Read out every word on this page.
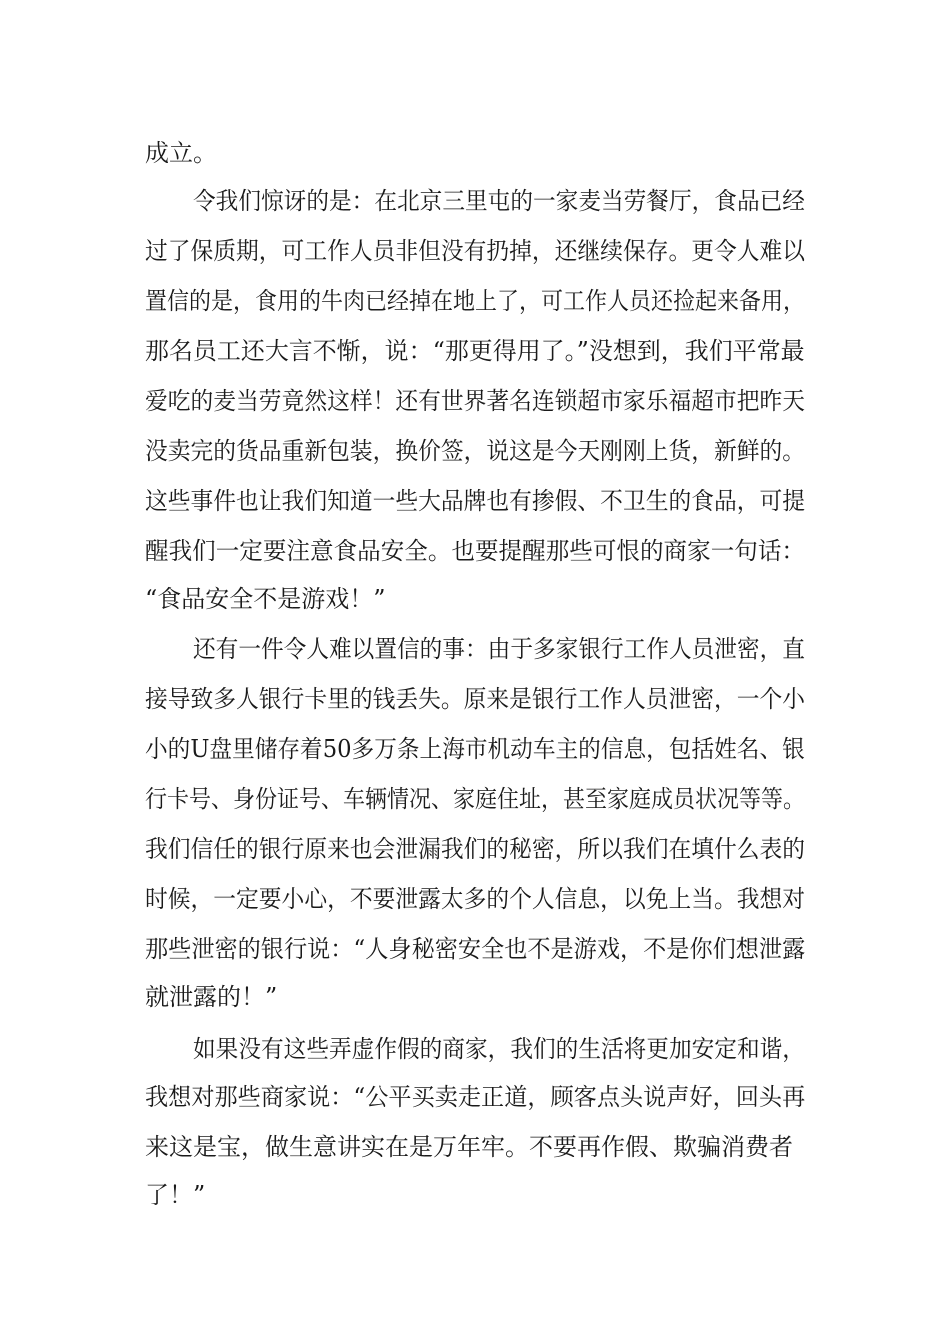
成立。
令我们惊讶的是：在北京三里屯的一家麦当劳餐厅，食品已经
过了保质期，可工作人员非但没有扔掉，还继续保存。更令人难以
置信的是，食用的牛肉已经掉在地上了，可工作人员还捡起来备用，
那名员工还大言不惭，说：“那更得用了。”没想到，我们平常最
爱吃的麦当劳竟然这样！还有世界著名连锁超市家乐福超市把昨天
没卖完的货品重新包装，换价签，说这是今天刚刚上货，新鲜的。
这些事件也让我们知道一些大品牌也有掺假、不卫生的食品，可提
醒我们一定要注意食品安全。也要提醒那些可恨的商家一句话：
“食品安全不是游戏！”
还有一件令人难以置信的事：由于多家银行工作人员泄密，直
接导致多人银行卡里的钱丢失。原来是银行工作人员泄密，一个小
小的U盘里储存着50多万条上海市机动车主的信息，包括姓名、银
行卡号、身份证号、车辆情况、家庭住址，甚至家庭成员状况等等。
我们信任的银行原来也会泄漏我们的秘密，所以我们在填什么表的
时候，一定要小心，不要泄露太多的个人信息，以免上当。我想对
那些泄密的银行说：“人身秘密安全也不是游戏，不是你们想泄露
就泄露的！”
如果没有这些弄虚作假的商家，我们的生活将更加安定和谐，
我想对那些商家说：“公平买卖走正道，顾客点头说声好，回头再
来这是宝，做生意讲实在是万年牢。不要再作假、欺骗消费者
了！”
